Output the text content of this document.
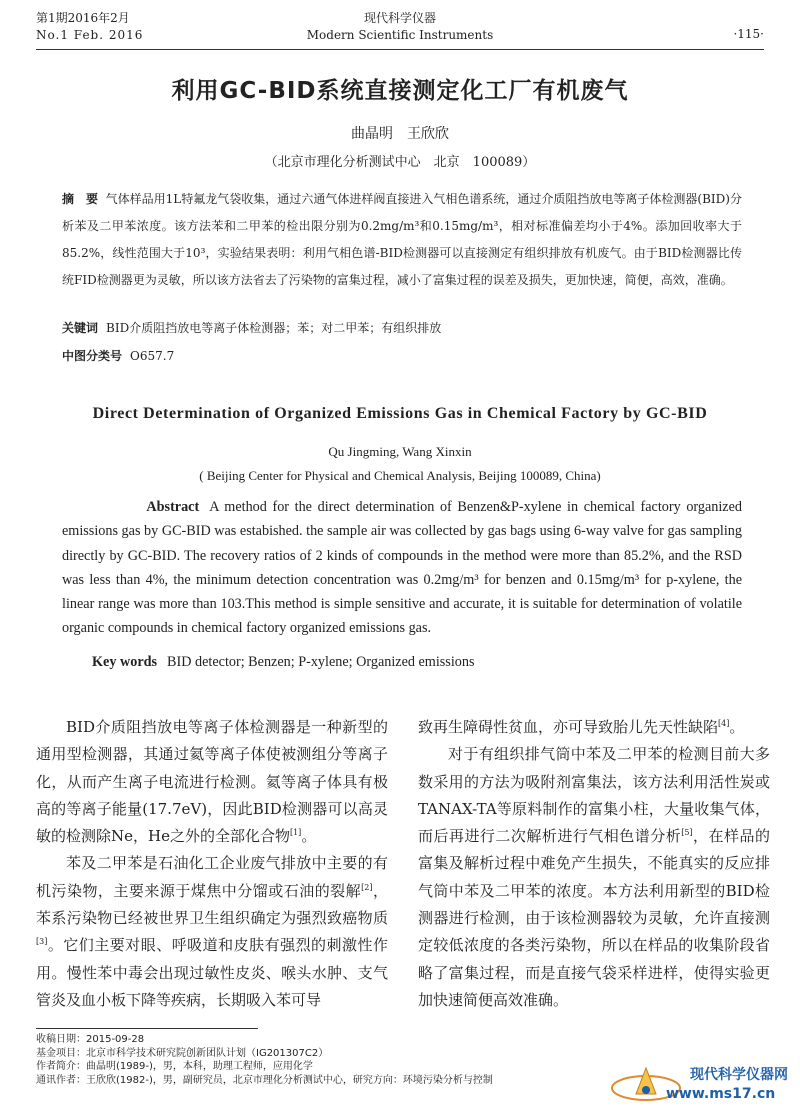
第1期2016年2月
No.1 Feb. 2016
现代科学仪器
Modern Scientific Instruments	·115·
利用GC-BID系统直接测定化工厂有机废气
曲晶明　王欣欣
（北京市理化分析测试中心　北京　100089）
摘　要 气体样品用1L特氟龙气袋收集，通过六通气体进样阀直接进入气相色谱系统，通过介质阻挡放电等离子体检测器(BID)分析苯及二甲苯浓度。该方法苯和二甲苯的检出限分别为0.2mg/m³和0.15mg/m³，相对标准偏差均小于4%。添加回收率大于85.2%，线性范围大于10³，实验结果表明：利用气相色谱-BID检测器可以直接测定有组织排放有机废气。由于BID检测器比传统FID检测器更为灵敏，所以该方法省去了污染物的富集过程，减小了富集过程的误差及损失，更加快速，简便，高效，准确。
关键词 BID介质阻挡放电等离子体检测器；苯；对二甲苯；有组织排放
中图分类号 O657.7
Direct Determination of Organized Emissions Gas in Chemical Factory by GC-BID
Qu Jingming, Wang Xinxin
( Beijing Center for Physical and Chemical Analysis, Beijing 100089, China)
Abstract A method for the direct determination of Benzen&P-xylene in chemical factory organized emissions gas by GC-BID was estabished. the sample air was collected by gas bags using 6-way valve for gas sampling directly by GC-BID. The recovery ratios of 2 kinds of compounds in the method were more than 85.2%, and the RSD was less than 4%, the minimum detection concentration was 0.2mg/m³ for benzen and 0.15mg/m³ for p-xylene, the linear range was more than 103.This method is simple sensitive and accurate, it is suitable for determination of volatile organic compounds in chemical factory organized emissions gas.
Key words BID detector; Benzen; P-xylene; Organized emissions

BID介质阻挡放电等离子体检测器是一种新型的通用型检测器，其通过氦等离子体使被测组分等离子化，从而产生离子电流进行检测。氦等离子体具有极高的等离子能量(17.7eV)，因此BID检测器可以高灵敏的检测除Ne，He之外的全部化合物[1]。

苯及二甲苯是石油化工企业废气排放中主要的有机污染物，主要来源于煤焦中分馏或石油的裂解[2]，苯系污染物已经被世界卫生组织确定为强烈致癌物质[3]。它们主要对眼、呼吸道和皮肤有强烈的刺激性作用。慢性苯中毒会出现过敏性皮炎、喉头水肿、支气管炎及血小板下降等疾病，长期吸入苯可导

致再生障碍性贫血，亦可导致胎儿先天性缺陷[4]。

对于有组织排气筒中苯及二甲苯的检测目前大多数采用的方法为吸附剂富集法，该方法利用活性炭或TANAX-TA等原料制作的富集小柱，大量收集气体，而后再进行二次解析进行气相色谱分析[5]，在样品的富集及解析过程中难免产生损失，不能真实的反应排气筒中苯及二甲苯的浓度。本方法利用新型的BID检测器进行检测，由于该检测器较为灵敏，允许直接测定较低浓度的各类污染物，所以在样品的收集阶段省略了富集过程，而是直接气袋采样进样，使得实验更加快速简便高效准确。

收稿日期：2015-09-28
基金项目：北京市科学技术研究院创新团队计划（IG201307C2）
作者简介：曲晶明(1989-)，男，本科，助理工程师，应用化学
通讯作者：王欣欣(1982-)，男，副研究员，北京市理化分析测试中心，研究方向：环境污染分析与控制	现代科学仪器网
www.ms17.cn
